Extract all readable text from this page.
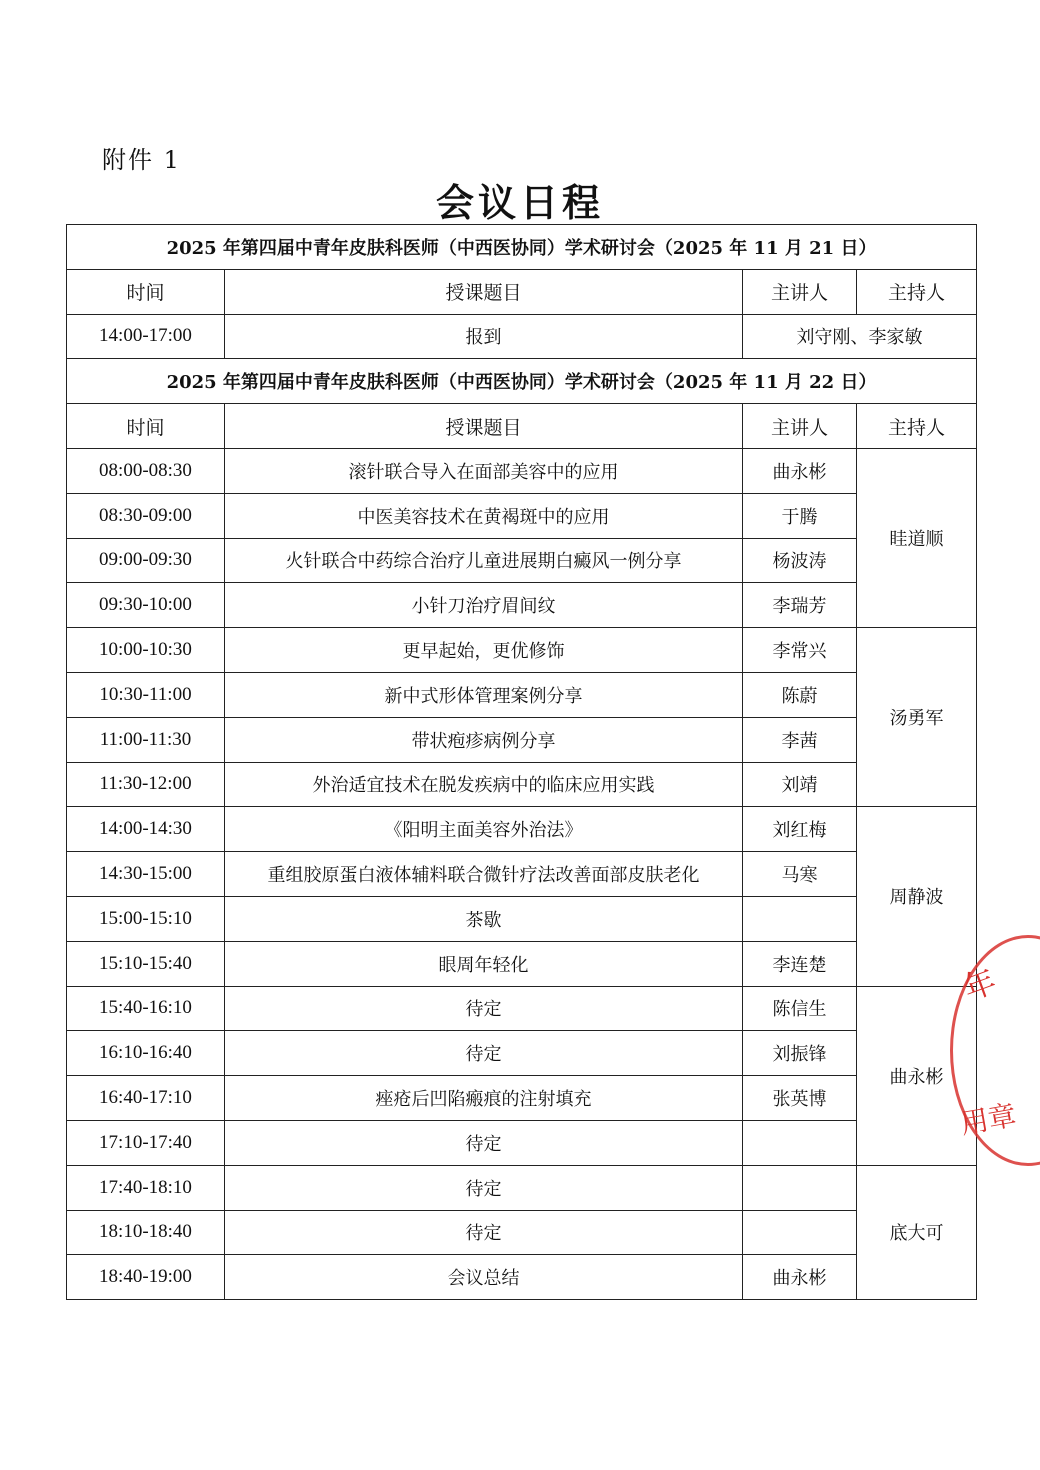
附件 1
会议日程
2025 年第四届中青年皮肤科医师（中西医协同）学术研讨会（2025 年 11 月 21 日）			
时间	授课题目	主讲人	主持人
14:00-17:00	报到	刘守刚、李家敏	
2025 年第四届中青年皮肤科医师（中西医协同）学术研讨会（2025 年 11 月 22 日）			
时间	授课题目	主讲人	主持人
08:00-08:30	滚针联合导入在面部美容中的应用	曲永彬	眭道顺
08:30-09:00	中医美容技术在黄褐斑中的应用	于腾	
09:00-09:30	火针联合中药综合治疗儿童进展期白癜风一例分享	杨波涛	
09:30-10:00	小针刀治疗眉间纹	李瑞芳	
10:00-10:30	更早起始，更优修饰	李常兴	汤勇军
10:30-11:00	新中式形体管理案例分享	陈蔚	
11:00-11:30	带状疱疹病例分享	李茜	
11:30-12:00	外治适宜技术在脱发疾病中的临床应用实践	刘靖	
14:00-14:30	《阳明主面美容外治法》	刘红梅	周静波
14:30-15:00	重组胶原蛋白液体辅料联合微针疗法改善面部皮肤老化	马寒	
15:00-15:10	茶歇		
15:10-15:40	眼周年轻化	李连楚	
15:40-16:10	待定	陈信生	曲永彬
16:10-16:40	待定	刘振锋	
16:40-17:10	痤疮后凹陷瘢痕的注射填充	张英博	
17:10-17:40	待定		
17:40-18:10	待定		底大可
18:10-18:40	待定		
18:40-19:00	会议总结	曲永彬	
年
用章
